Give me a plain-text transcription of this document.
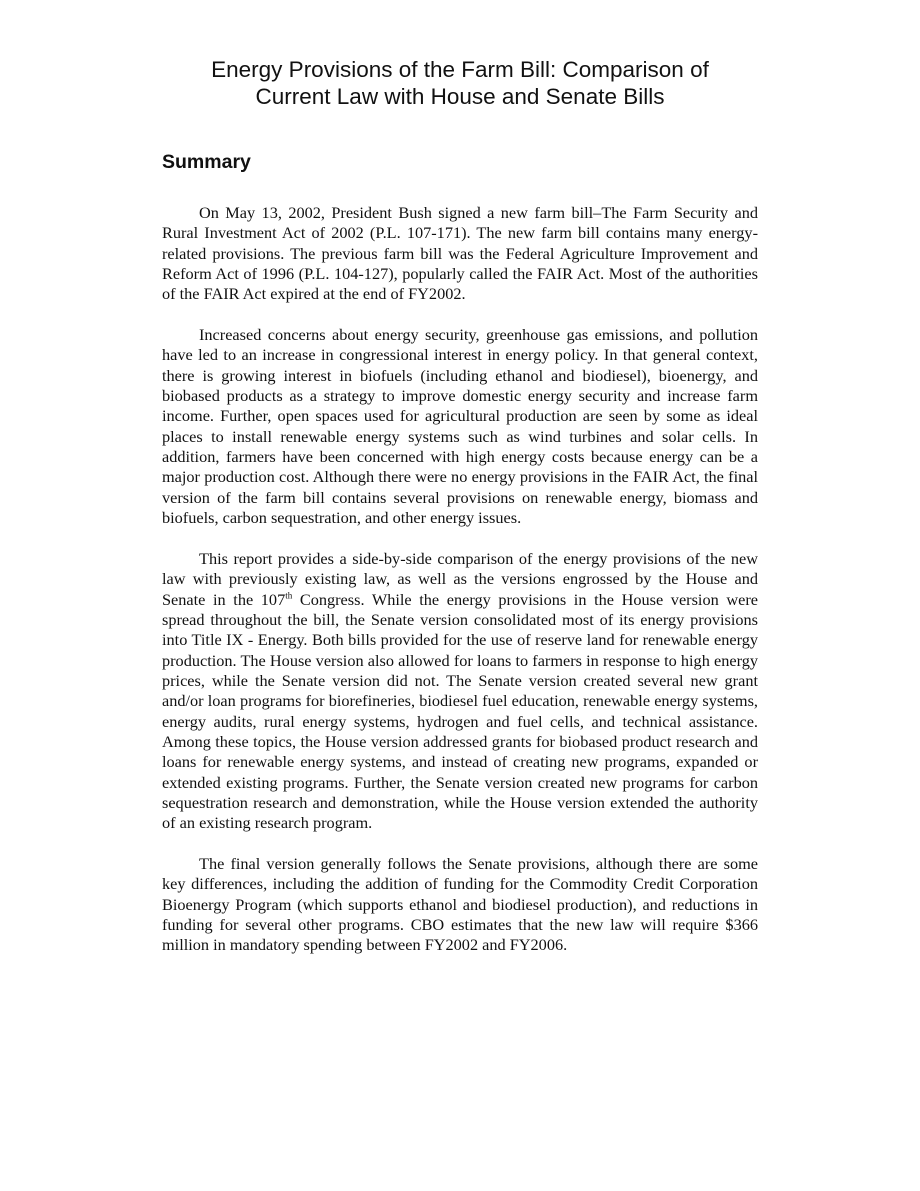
Energy Provisions of the Farm Bill: Comparison of
Current Law with House and Senate Bills
Summary

On May 13, 2002, President Bush signed a new farm bill–The Farm Security and Rural Investment Act of 2002 (P.L. 107-171). The new farm bill contains many energy-related provisions. The previous farm bill was the Federal Agriculture Improvement and Reform Act of 1996 (P.L. 104-127), popularly called the FAIR Act. Most of the authorities of the FAIR Act expired at the end of FY2002.

Increased concerns about energy security, greenhouse gas emissions, and pollution have led to an increase in congressional interest in energy policy. In that general context, there is growing interest in biofuels (including ethanol and biodiesel), bioenergy, and biobased products as a strategy to improve domestic energy security and increase farm income. Further, open spaces used for agricultural production are seen by some as ideal places to install renewable energy systems such as wind turbines and solar cells. In addition, farmers have been concerned with high energy costs because energy can be a major production cost. Although there were no energy provisions in the FAIR Act, the final version of the farm bill contains several provisions on renewable energy, biomass and biofuels, carbon sequestration, and other energy issues.

This report provides a side-by-side comparison of the energy provisions of the new law with previously existing law, as well as the versions engrossed by the House and Senate in the 107th Congress. While the energy provisions in the House version were spread throughout the bill, the Senate version consolidated most of its energy provisions into Title IX - Energy. Both bills provided for the use of reserve land for renewable energy production. The House version also allowed for loans to farmers in response to high energy prices, while the Senate version did not. The Senate version created several new grant and/or loan programs for biorefineries, biodiesel fuel education, renewable energy systems, energy audits, rural energy systems, hydrogen and fuel cells, and technical assistance. Among these topics, the House version addressed grants for biobased product research and loans for renewable energy systems, and instead of creating new programs, expanded or extended existing programs. Further, the Senate version created new programs for carbon sequestration research and demonstration, while the House version extended the authority of an existing research program.

The final version generally follows the Senate provisions, although there are some key differences, including the addition of funding for the Commodity Credit Corporation Bioenergy Program (which supports ethanol and biodiesel production), and reductions in funding for several other programs. CBO estimates that the new law will require $366 million in mandatory spending between FY2002 and FY2006.
